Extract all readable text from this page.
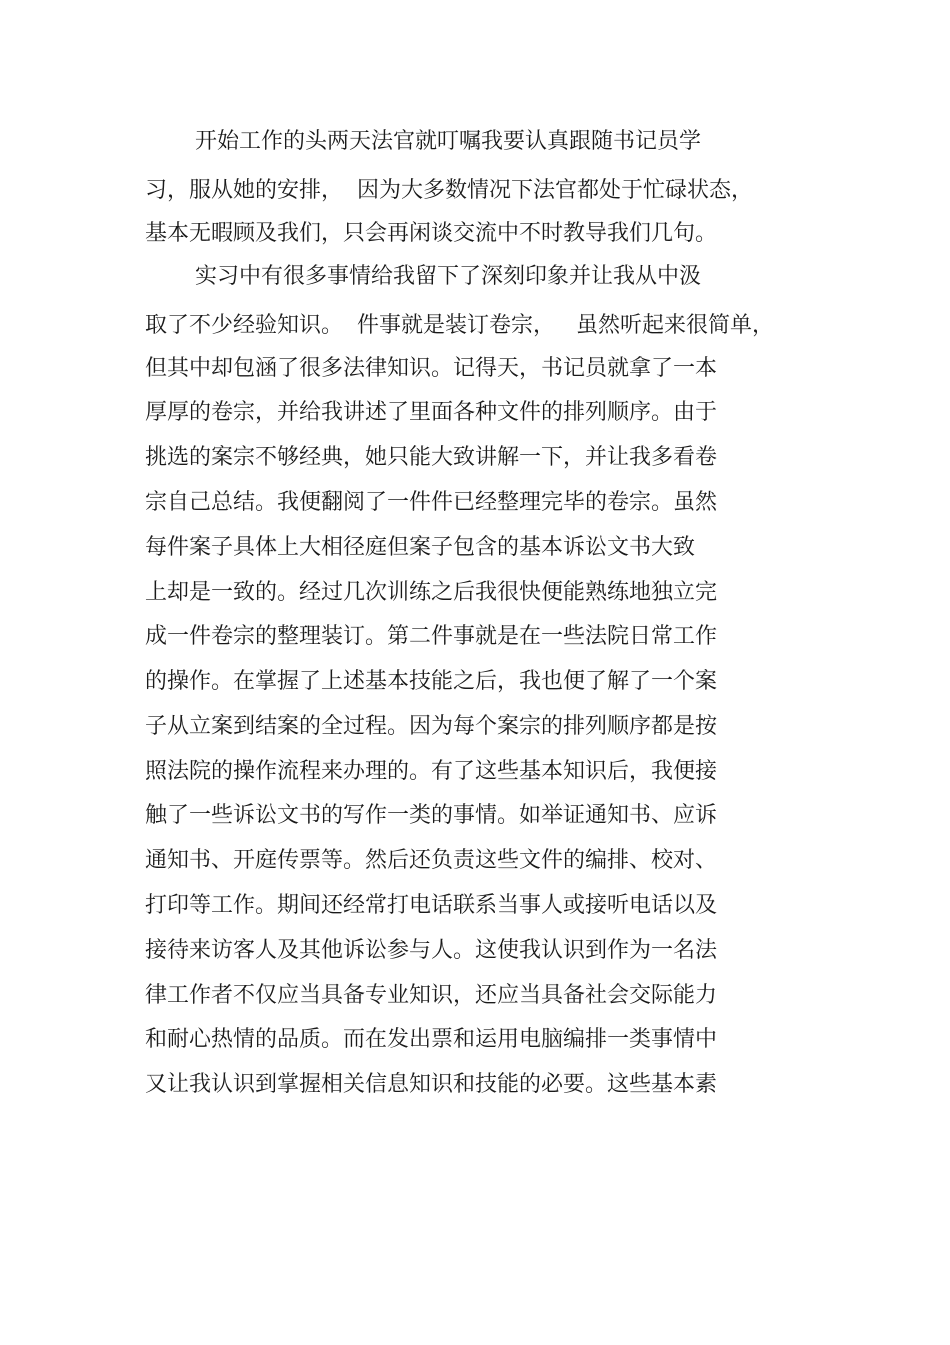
开始工作的头两天法官就叮嘱我要认真跟随书记员学
习，服从她的安排，  因为大多数情况下法官都处于忙碌状态，
基本无暇顾及我们，只会再闲谈交流中不时教导我们几句。
实习中有很多事情给我留下了深刻印象并让我从中汲
取了不少经验知识。  件事就是装订卷宗，   虽然听起来很简单，
但其中却包涵了很多法律知识。记得天，书记员就拿了一本
厚厚的卷宗，并给我讲述了里面各种文件的排列顺序。由于
挑选的案宗不够经典，她只能大致讲解一下，并让我多看卷
宗自己总结。我便翻阅了一件件已经整理完毕的卷宗。虽然
每件案子具体上大相径庭但案子包含的基本诉讼文书大致
上却是一致的。经过几次训练之后我很快便能熟练地独立完
成一件卷宗的整理装订。第二件事就是在一些法院日常工作
的操作。在掌握了上述基本技能之后，我也便了解了一个案
子从立案到结案的全过程。因为每个案宗的排列顺序都是按
照法院的操作流程来办理的。有了这些基本知识后，我便接
触了一些诉讼文书的写作一类的事情。如举证通知书、应诉
通知书、开庭传票等。然后还负责这些文件的编排、校对、
打印等工作。期间还经常打电话联系当事人或接听电话以及
接待来访客人及其他诉讼参与人。这使我认识到作为一名法
律工作者不仅应当具备专业知识，还应当具备社会交际能力
和耐心热情的品质。而在发出票和运用电脑编排一类事情中
又让我认识到掌握相关信息知识和技能的必要。这些基本素
